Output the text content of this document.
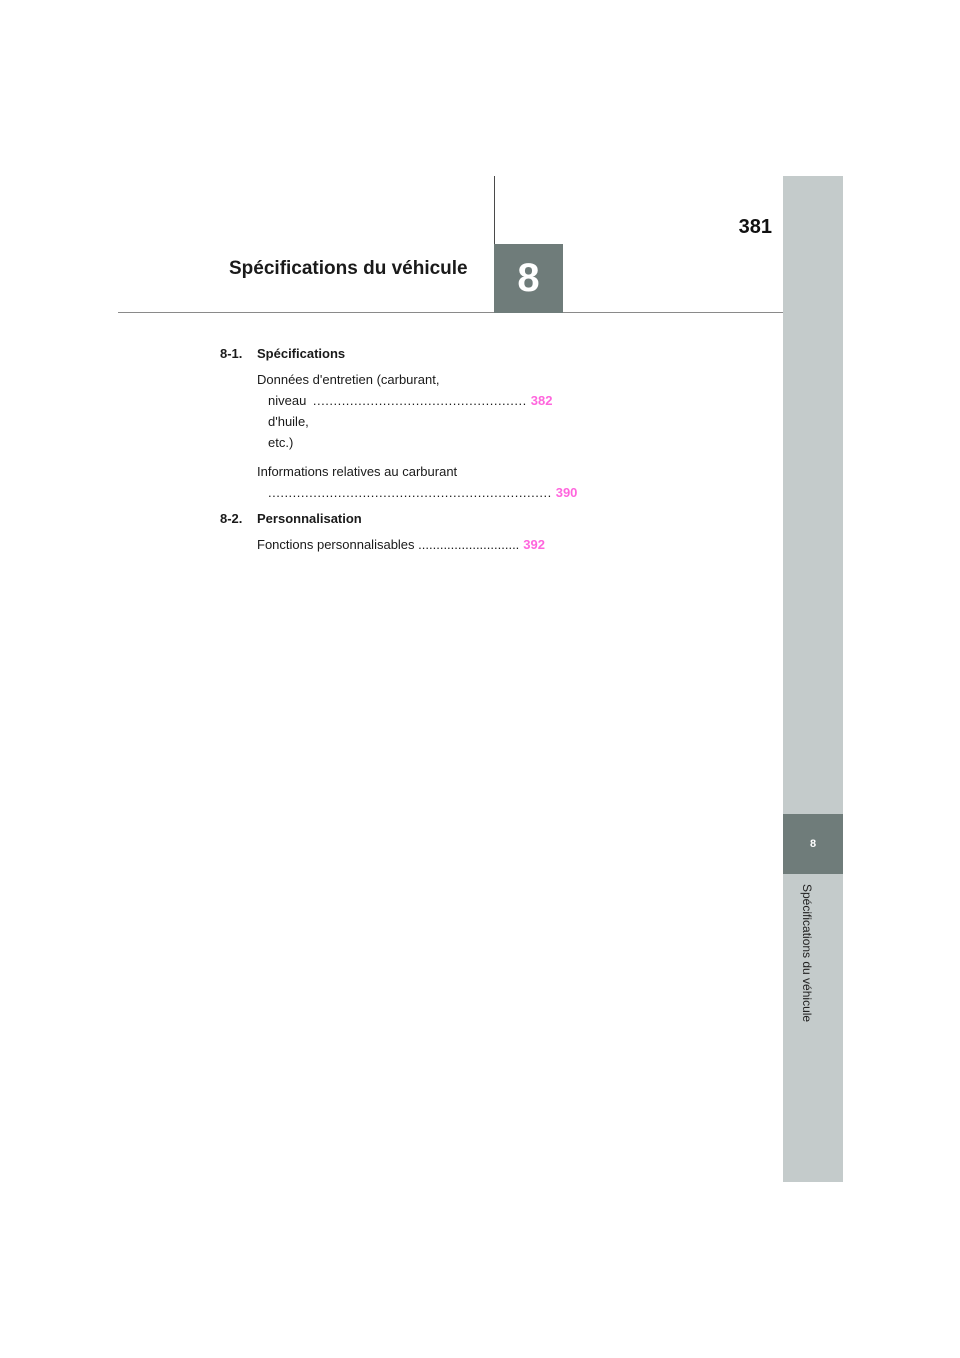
8
Spécifications du véhicule
8
381
Spécifications du véhicule
8-1.	Spécifications
Données d'entretien (carburant,
niveau d'huile, etc.)
.................................................... 382
Informations relatives au carburant
..................................................................... 390
8-2.	Personnalisation
Fonctions personnalisables ............................ 392
